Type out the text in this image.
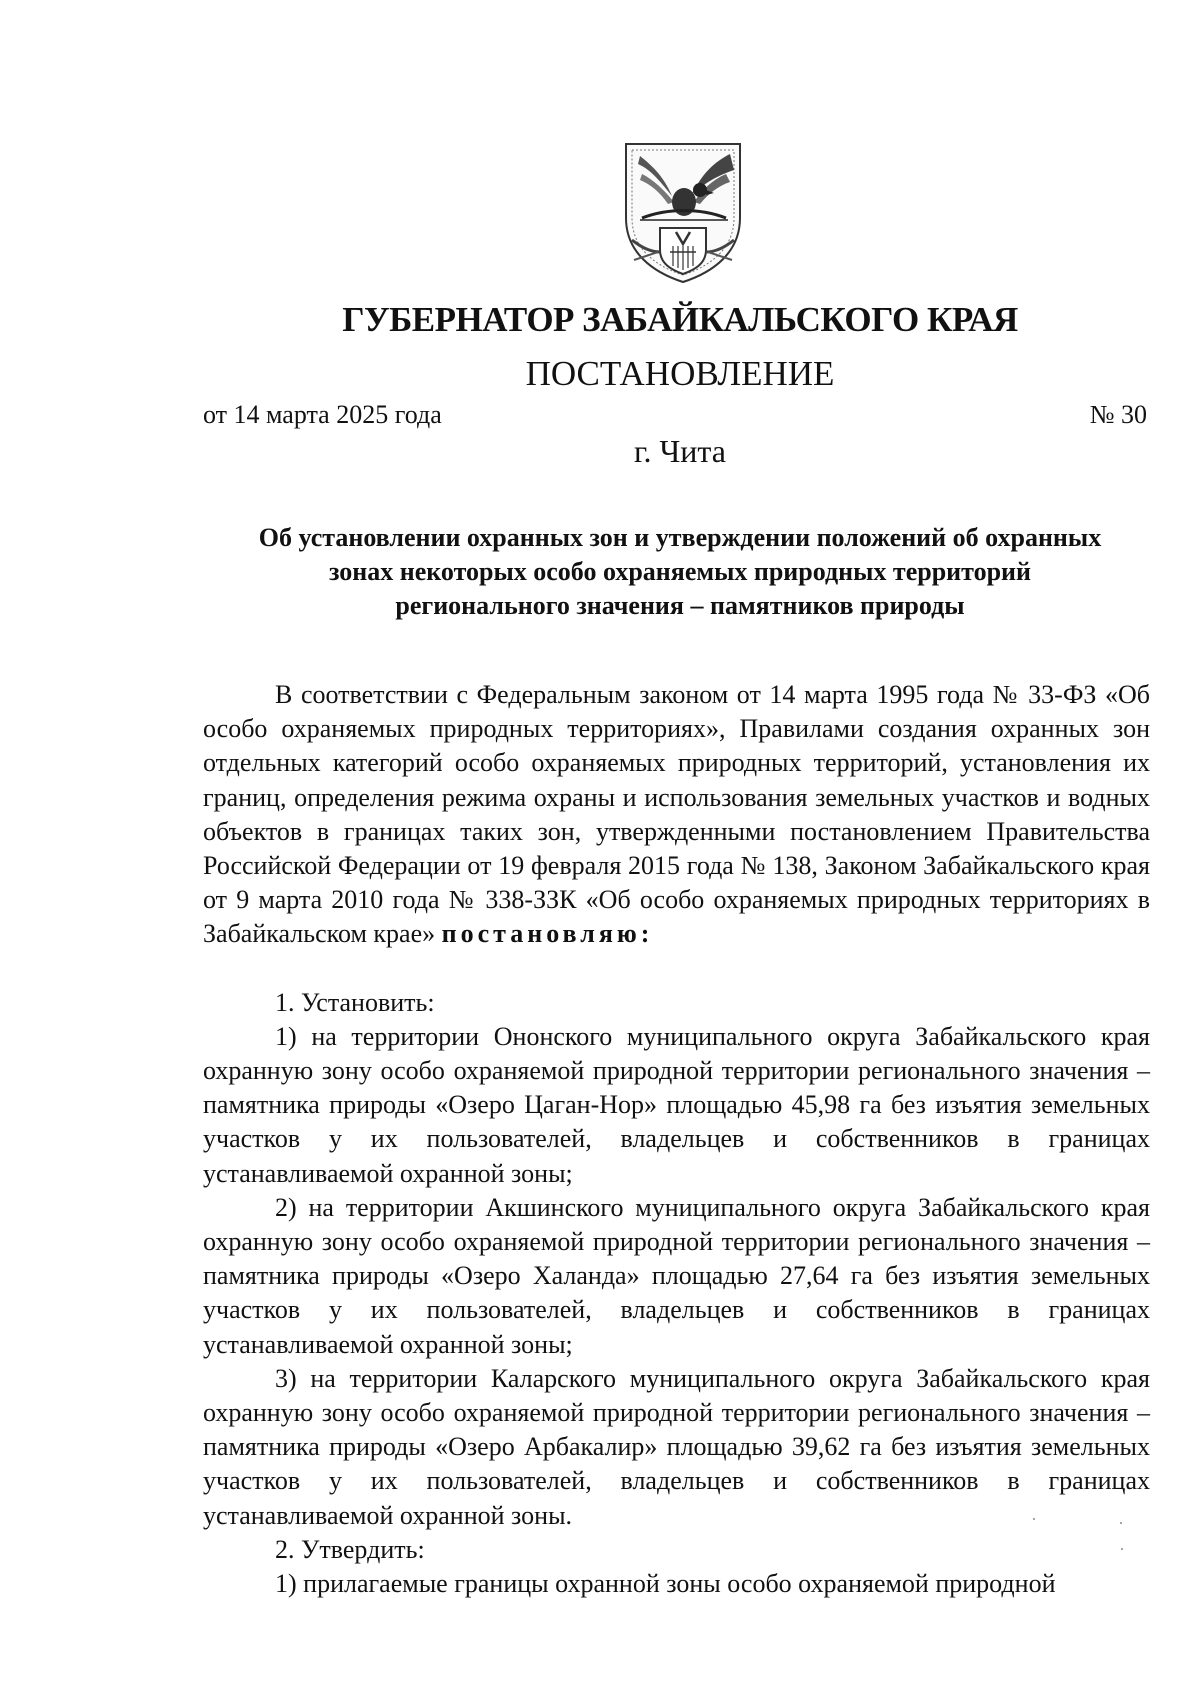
ГУБЕРНАТОР ЗАБАЙКАЛЬСКОГО КРАЯ
ПОСТАНОВЛЕНИЕ
от 14 марта 2025 года	№ 30
г. Чита
Об установлении охранных зон и утверждении положений об охранных
зонах некоторых особо охраняемых природных территорий
регионального значения – памятников природы

В соответствии с Федеральным законом от 14 марта 1995 года № 33-ФЗ «Об особо охраняемых природных территориях», Правилами создания охранных зон отдельных категорий особо охраняемых природных территорий, установления их границ, определения режима охраны и использования земельных участков и водных объектов в границах таких зон, утвержденными постановлением Правительства Российской Федерации от 19 февраля 2015 года № 138, Законом Забайкальского края от 9 марта 2010 года № 338-ЗЗК «Об особо охраняемых природных территориях в Забайкальском крае» постановляю:

1. Установить:

1) на территории Ононского муниципального округа Забайкальского края охранную зону особо охраняемой природной территории регионального значения – памятника природы «Озеро Цаган-Нор» площадью 45,98 га без изъятия земельных участков у их пользователей, владельцев и собственников в границах устанавливаемой охранной зоны;

2) на территории Акшинского муниципального округа Забайкальского края охранную зону особо охраняемой природной территории регионального значения – памятника природы «Озеро Халанда» площадью 27,64 га без изъятия земельных участков у их пользователей, владельцев и собственников в границах устанавливаемой охранной зоны;

3) на территории Каларского муниципального округа Забайкальского края охранную зону особо охраняемой природной территории регионального значения – памятника природы «Озеро Арбакалир» площадью 39,62 га без изъятия земельных участков у их пользователей, владельцев и собственников в границах устанавливаемой охранной зоны.

2. Утвердить:

1) прилагаемые границы охранной зоны особо охраняемой природной
